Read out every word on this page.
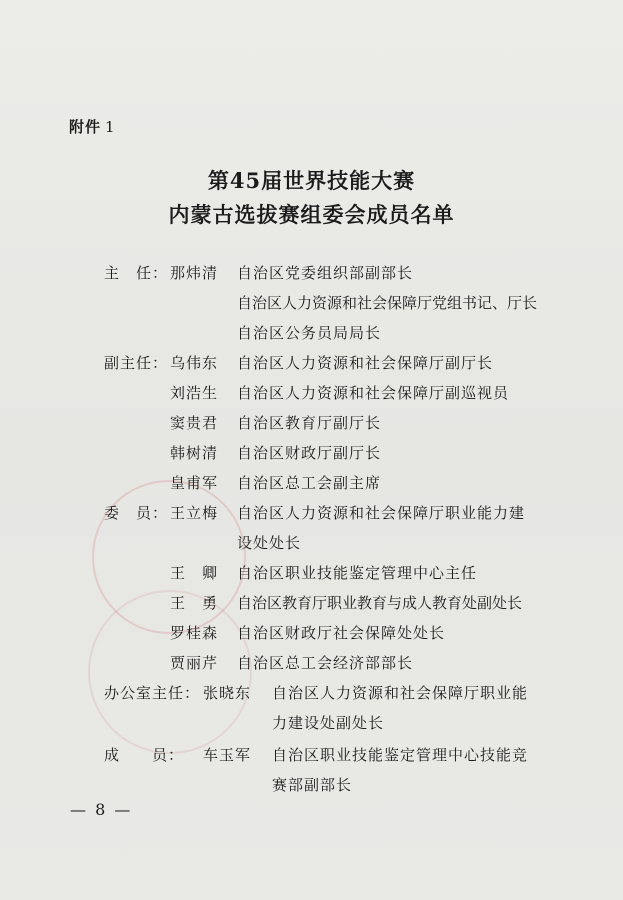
附件 1
第45届世界技能大赛
内蒙古选拔赛组委会成员名单
主　任： 那炜清 自治区党委组织部副部长
自治区人力资源和社会保障厅党组书记、厅长
自治区公务员局局长
副主任： 乌伟东 自治区人力资源和社会保障厅副厅长
刘浩生 自治区人力资源和社会保障厅副巡视员
窦贵君 自治区教育厅副厅长
韩树清 自治区财政厅副厅长
皇甫军 自治区总工会副主席
委　员： 王立梅 自治区人力资源和社会保障厅职业能力建
设处处长
王　卿 自治区职业技能鉴定管理中心主任
王　勇 自治区教育厅职业教育与成人教育处副处长
罗桂森 自治区财政厅社会保障处处长
贾丽芹 自治区总工会经济部部长
办公室主任： 张晓东 自治区人力资源和社会保障厅职业能
力建设处副处长
成　　员： 车玉军 自治区职业技能鉴定管理中心技能竞
赛部副部长
— 8 —
